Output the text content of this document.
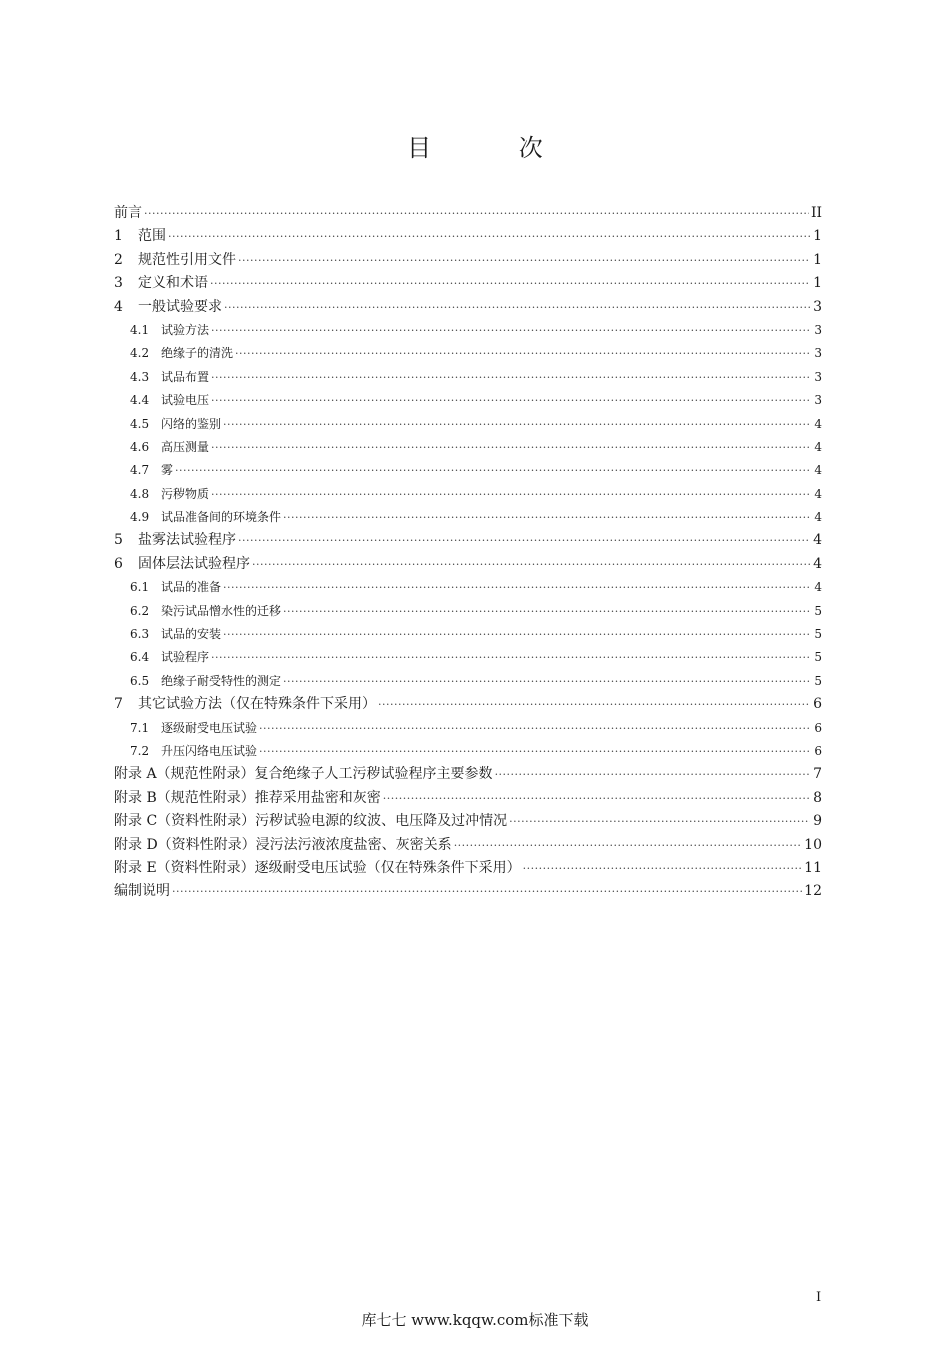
目 次
前言 ·····	II
1	范围 ·····	1
2	规范性引用文件 ·····	1
3	定义和术语 ·····	1
4	一般试验要求 ·····	3
4.1 试验方法 ·····	3
4.2 绝缘子的清洗 ·····	3
4.3 试品布置 ·····	3
4.4 试验电压 ·····	3
4.5 闪络的鉴别 ·····	4
4.6 高压测量 ·····	4
4.7 雾 ·····	4
4.8 污秽物质 ·····	4
4.9 试品准备间的环境条件 ·····	4
5	盐雾法试验程序 ·····	4
6	固体层法试验程序 ·····	4
6.1 试品的准备 ·····	4
6.2 染污试品憎水性的迁移 ·····	5
6.3 试品的安装 ·····	5
6.4 试验程序 ·····	5
6.5 绝缘子耐受特性的测定 ·····	5
7	其它试验方法（仅在特殊条件下采用） ·····	6
7.1 逐级耐受电压试验 ·····	6
7.2 升压闪络电压试验 ·····	6
附录 A（规范性附录）复合绝缘子人工污秽试验程序主要参数 ·····	7
附录 B（规范性附录）推荐采用盐密和灰密 ·····	8
附录 C（资料性附录）污秽试验电源的纹波、电压降及过冲情况 ·····	9
附录 D（资料性附录）浸污法污液浓度盐密、灰密关系 ·····	10
附录 E（资料性附录）逐级耐受电压试验（仅在特殊条件下采用） ·····	11
编制说明 ·····	12
I
库七七 www.kqqw.com标准下载
